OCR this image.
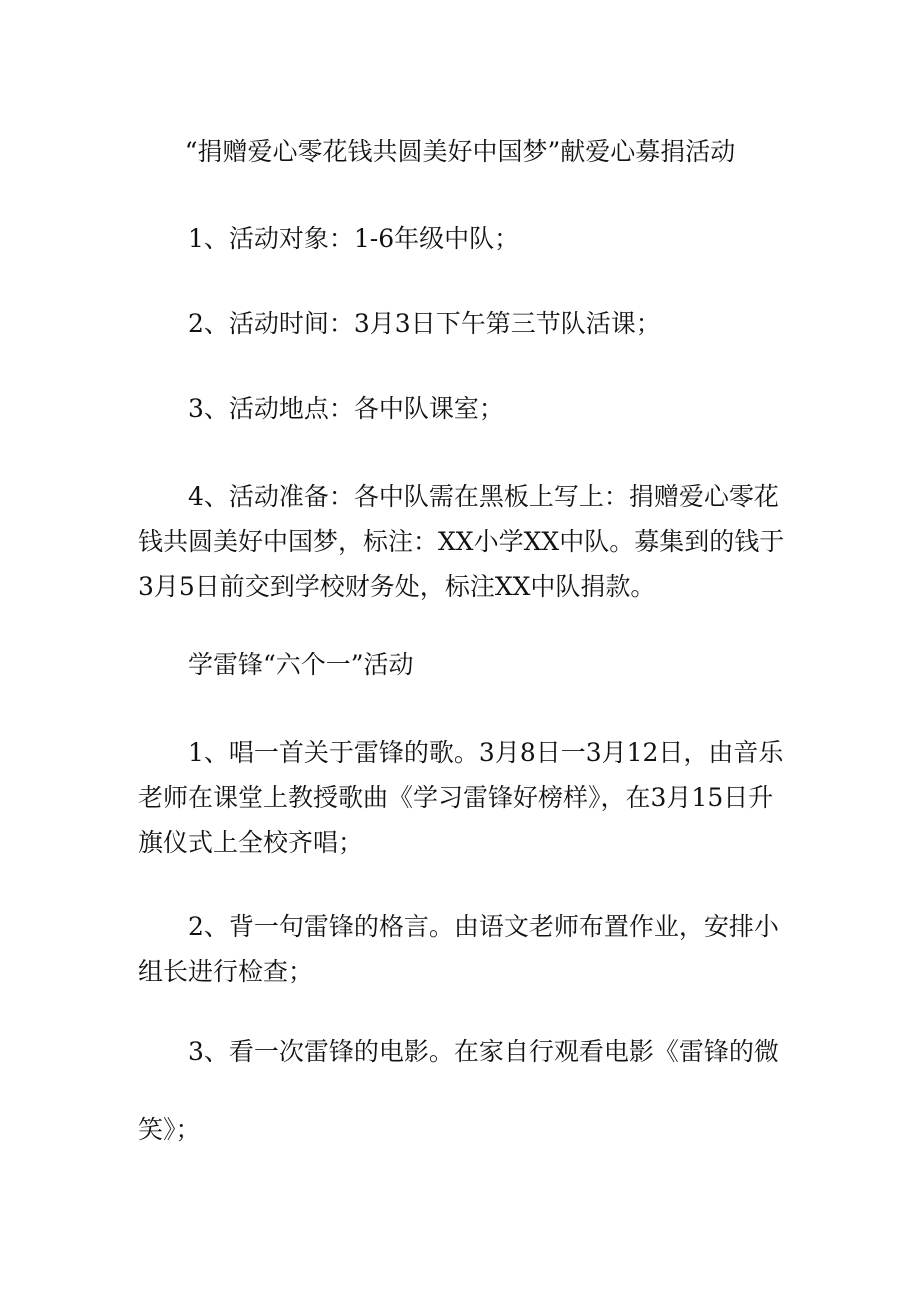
“捐赠爱心零花钱共圆美好中国梦”献爱心募捐活动
1、活动对象：1-6年级中队；
2、活动时间：3月3日下午第三节队活课；
3、活动地点：各中队课室；
4、活动准备：各中队需在黑板上写上：捐赠爱心零花钱共圆美好中国梦，标注：XX小学XX中队。募集到的钱于3月5日前交到学校财务处，标注XX中队捐款。
学雷锋“六个一”活动
1、唱一首关于雷锋的歌。3月8日一3月12日，由音乐老师在课堂上教授歌曲《学习雷锋好榜样》，在3月15日升旗仪式上全校齐唱；
2、背一句雷锋的格言。由语文老师布置作业，安排小组长进行检查；
3、看一次雷锋的电影。在家自行观看电影《雷锋的微
笑》；
